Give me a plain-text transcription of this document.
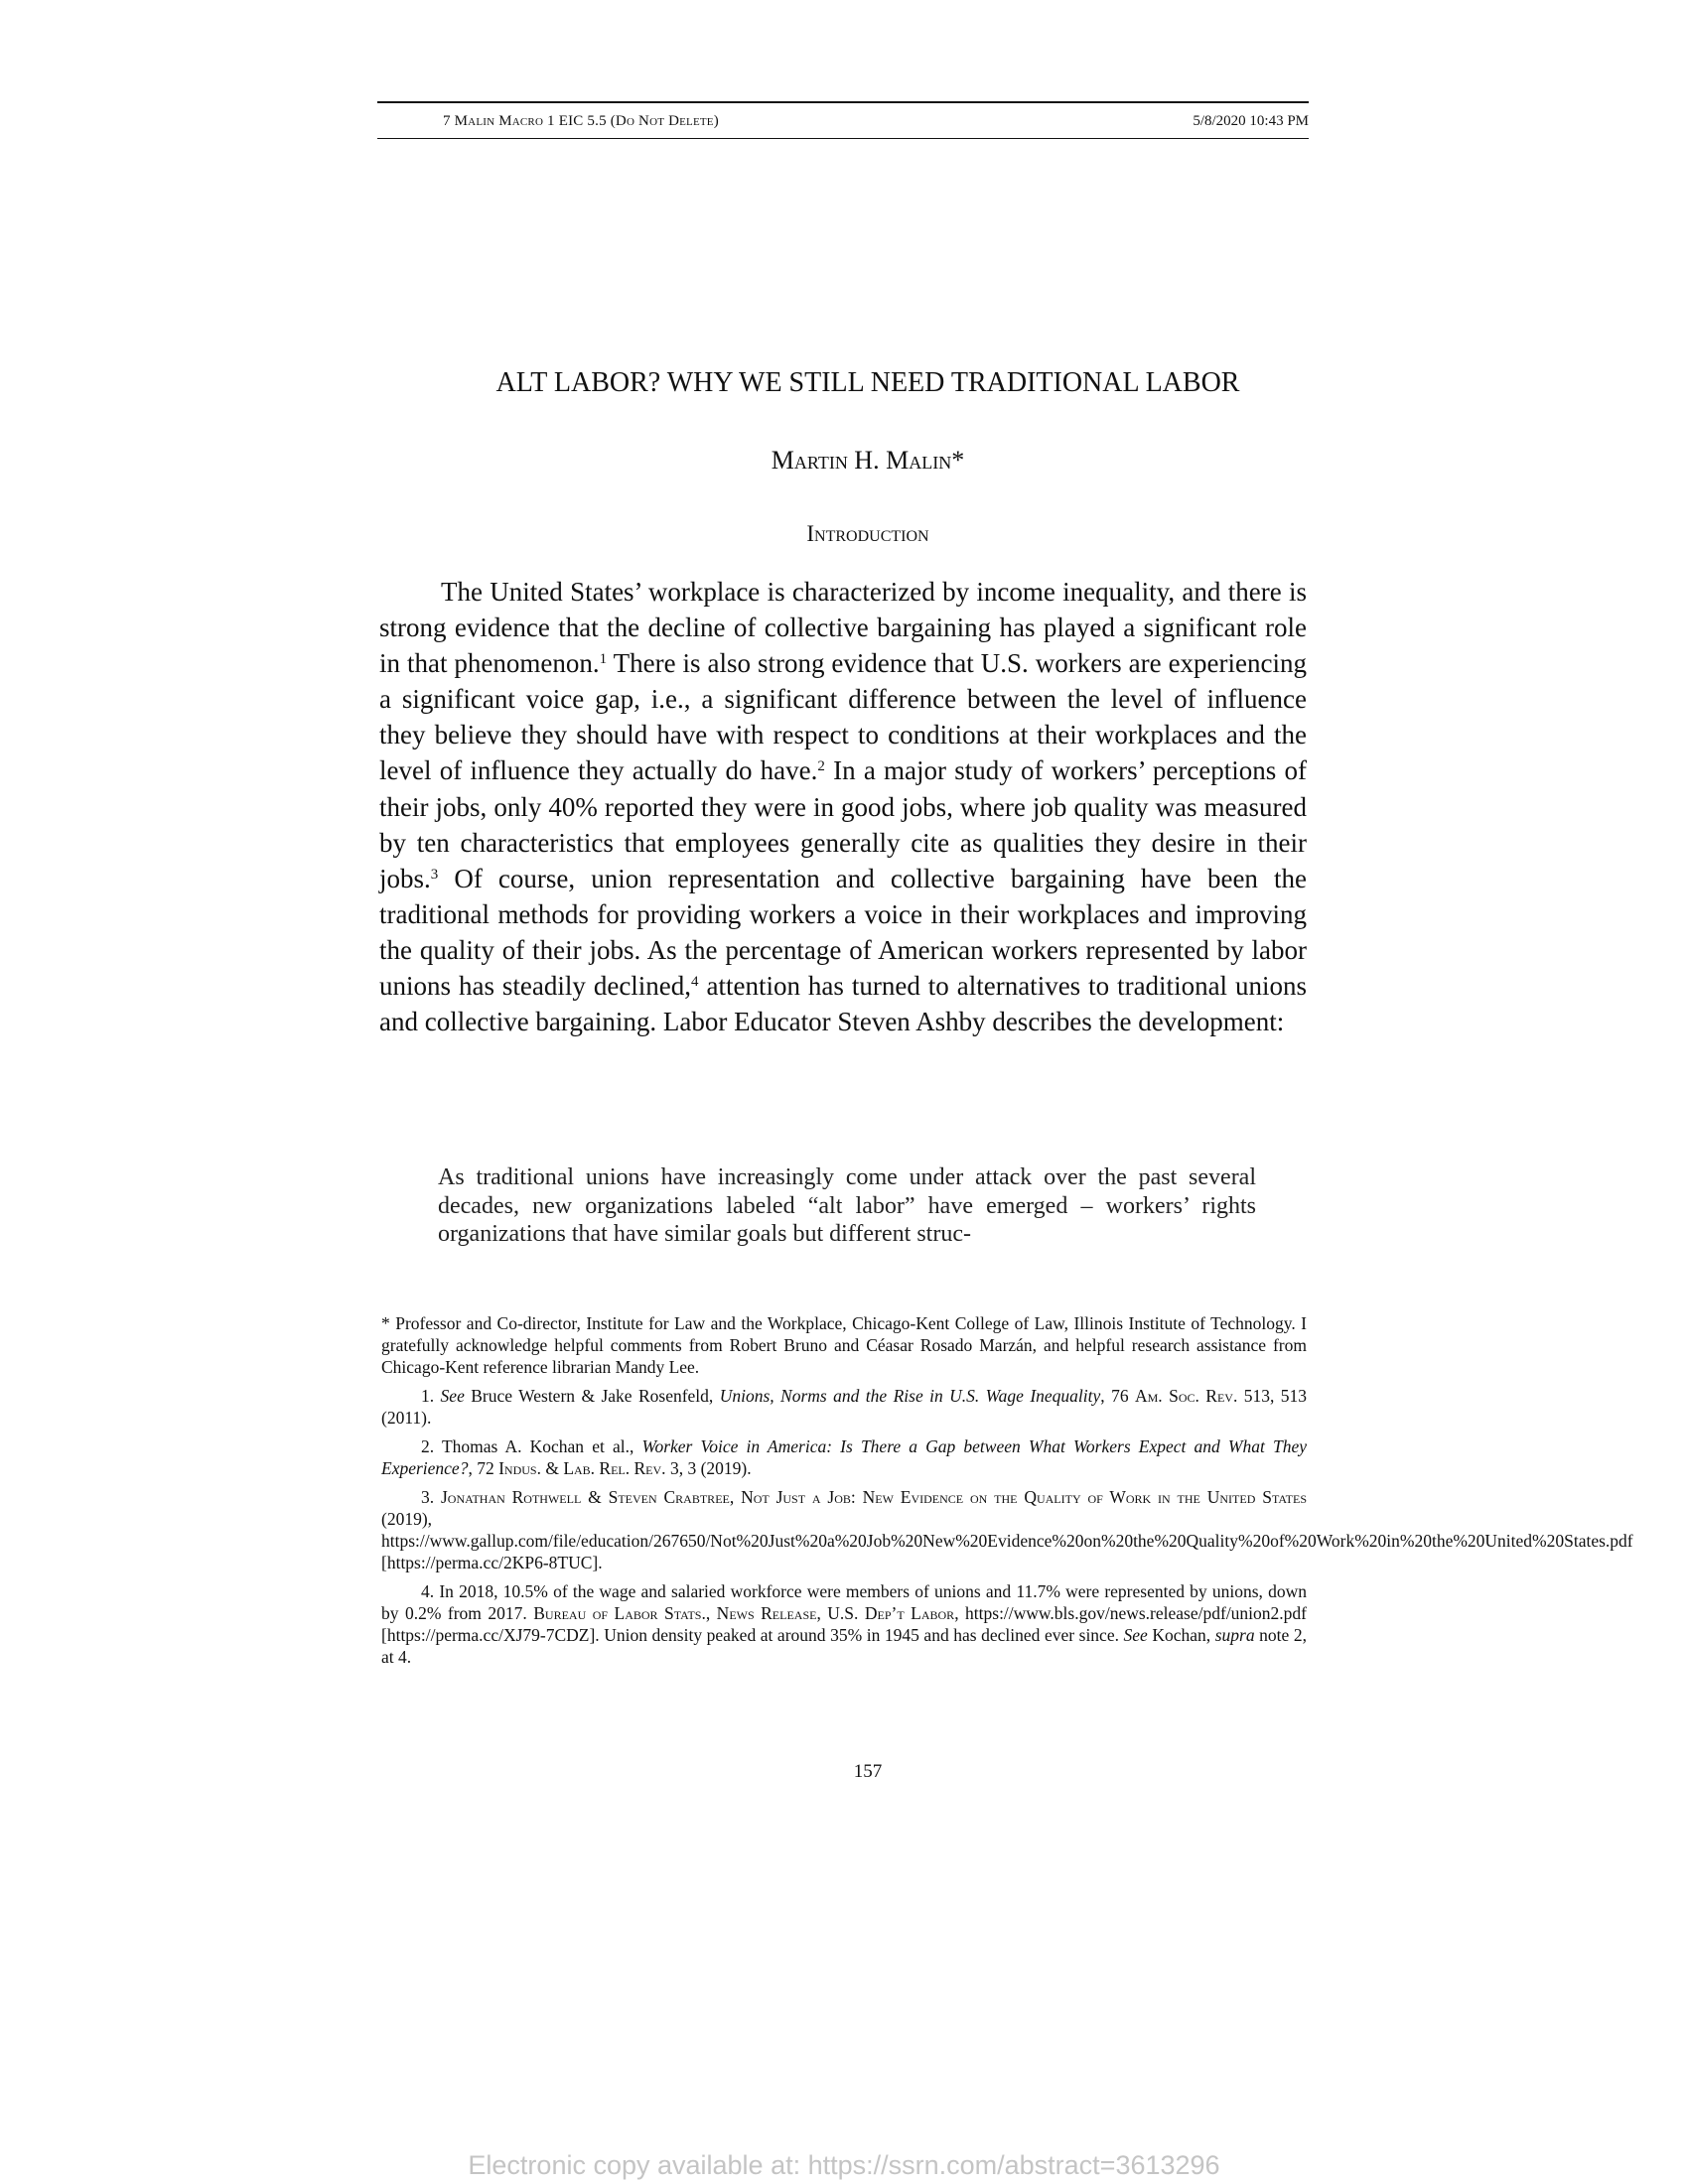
7 Malin Macro 1 EIC 5.5 (Do Not Delete)	5/8/2020 10:43 PM
ALT LABOR? WHY WE STILL NEED TRADITIONAL LABOR
Martin H. Malin*
Introduction

The United States’ workplace is characterized by income inequality, and there is strong evidence that the decline of collective bargaining has played a significant role in that phenomenon.$^1$ There is also strong evidence that U.S. workers are experiencing a significant voice gap, i.e., a significant difference between the level of influence they believe they should have with respect to conditions at their workplaces and the level of influence they actually do have.$^2$ In a major study of workers’ perceptions of their jobs, only 40% reported they were in good jobs, where job quality was measured by ten characteristics that employees generally cite as qualities they desire in their jobs.$^3$ Of course, union representation and collective bargaining have been the traditional methods for providing workers a voice in their workplaces and improving the quality of their jobs. As the percentage of American workers represented by labor unions has steadily declined,$^4$ attention has turned to alternatives to traditional unions and collective bargaining. Labor Educator Steven Ashby describes the development:

As traditional unions have increasingly come under attack over the past several decades, new organizations labeled “alt labor” have emerged – workers’ rights organizations that have similar goals but different struc-

* Professor and Co-director, Institute for Law and the Workplace, Chicago-Kent College of Law, Illinois Institute of Technology. I gratefully acknowledge helpful comments from Robert Bruno and Céasar Rosado Marzán, and helpful research assistance from Chicago-Kent reference librarian Mandy Lee.

1. See Bruce Western & Jake Rosenfeld, Unions, Norms and the Rise in U.S. Wage Inequality, 76 Am. Soc. Rev. 513, 513 (2011).

2. Thomas A. Kochan et al., Worker Voice in America: Is There a Gap between What Workers Expect and What They Experience?, 72 Indus. & Lab. Rel. Rev. 3, 3 (2019).

3. Jonathan Rothwell & Steven Crabtree, Not Just a Job: New Evidence on the Quality of Work in the United States (2019), https://www.gallup.com/file/education/267650/Not%20Just%20a%20Job%20New%20Evidence%20on%20the%20Quality%20of%20Work%20in%20the%20United%20States.pdf [https://perma.cc/2KP6-8TUC].

4. In 2018, 10.5% of the wage and salaried workforce were members of unions and 11.7% were represented by unions, down by 0.2% from 2017. Bureau of Labor Stats., News Release, U.S. Dep’t Labor, https://www.bls.gov/news.release/pdf/union2.pdf [https://perma.cc/XJ79-7CDZ]. Union density peaked at around 35% in 1945 and has declined ever since. See Kochan, supra note 2, at 4.

157
Electronic copy available at: https://ssrn.com/abstract=3613296
